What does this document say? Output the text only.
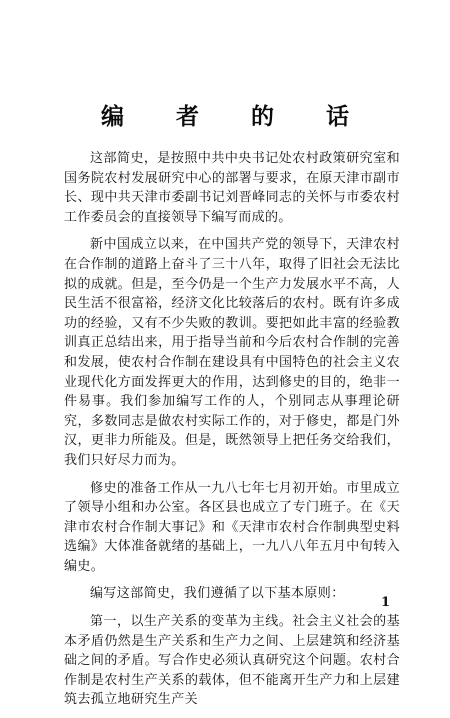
编 者 的 话

这部简史，是按照中共中央书记处农村政策研究室和国务院农村发展研究中心的部署与要求，在原天津市副市长、现中共天津市委副书记刘晋峰同志的关怀与市委农村工作委员会的直接领导下编写而成的。

新中国成立以来，在中国共产党的领导下，天津农村在合作制的道路上奋斗了三十八年，取得了旧社会无法比拟的成就。但是，至今仍是一个生产力发展水平不高，人民生活不很富裕，经济文化比较落后的农村。既有许多成功的经验，又有不少失败的教训。要把如此丰富的经验教训真正总结出来，用于指导当前和今后农村合作制的完善和发展，使农村合作制在建设具有中国特色的社会主义农业现代化方面发挥更大的作用，达到修史的目的，绝非一件易事。我们参加编写工作的人，个别同志从事理论研究，多数同志是做农村实际工作的，对于修史，都是门外汉，更非力所能及。但是，既然领导上把任务交给我们，我们只好尽力而为。

修史的准备工作从一九八七年七月初开始。市里成立了领导小组和办公室。各区县也成立了专门班子。在《天津市农村合作制大事记》和《天津市农村合作制典型史料选编》大体准备就绪的基础上，一九八八年五月中旬转入编史。

编写这部简史，我们遵循了以下基本原则：

第一，以生产关系的变革为主线。社会主义社会的基本矛盾仍然是生产关系和生产力之间、上层建筑和经济基础之间的矛盾。写合作史必须认真研究这个问题。农村合作制是农村生产关系的载体，但不能离开生产力和上层建筑去孤立地研究生产关

1
